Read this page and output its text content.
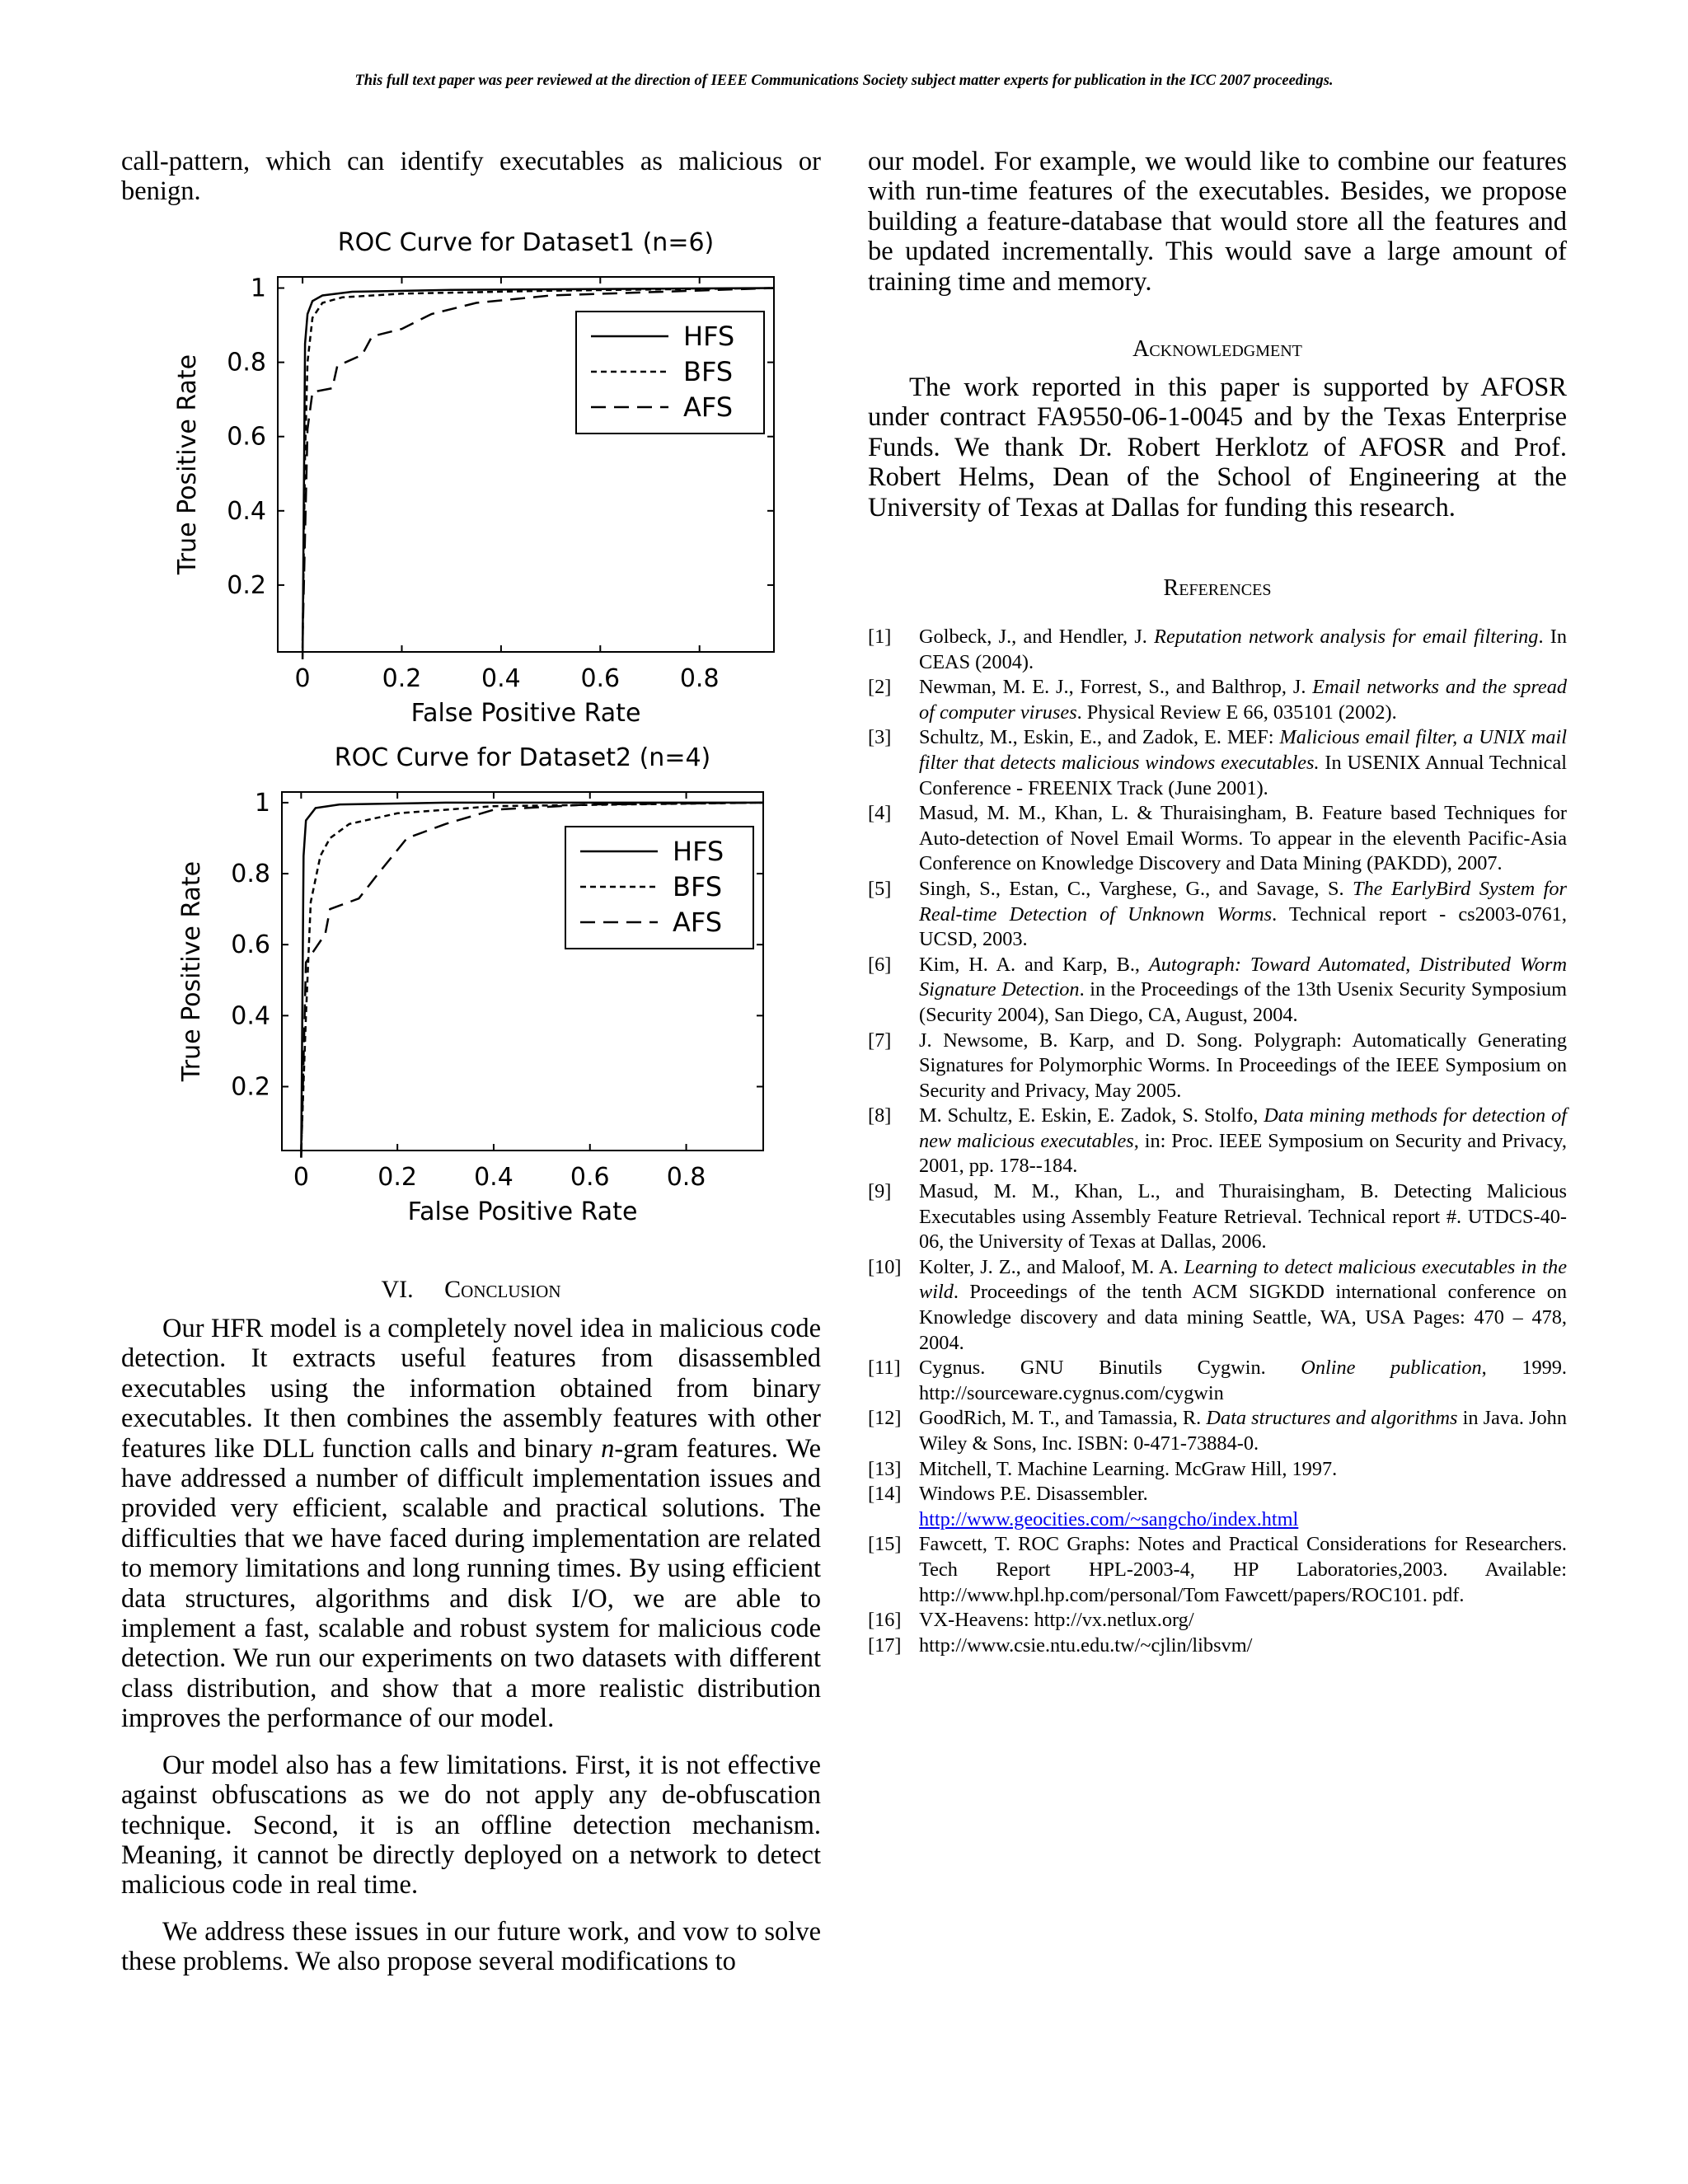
This full text paper was peer reviewed at the direction of IEEE Communications Society subject matter experts for publication in the ICC 2007 proceedings.

call-pattern, which can identify executables as malicious or benign.

ROC Curve for Dataset1 (n=6)
0	0.2 0.4 0.6 0.8
0.2
0.4
0.6
0.8
1
False Positive Rate
True Positive Rate
HFS
BFS
AFS
ROC Curve for Dataset2 (n=4)
0	0.2 0.4 0.6 0.8
0.2
0.4
0.6
0.8
1
False Positive Rate
True Positive Rate
HFS
BFS
AFS

VI. Conclusion

Our HFR model is a completely novel idea in malicious code detection. It extracts useful features from disassembled executables using the information obtained from binary executables. It then combines the assembly features with other features like DLL function calls and binary n-gram features. We have addressed a number of difficult implementation issues and provided very efficient, scalable and practical solutions. The difficulties that we have faced during implementation are related to memory limitations and long running times. By using efficient data structures, algorithms and disk I/O, we are able to implement a fast, scalable and robust system for malicious code detection. We run our experiments on two datasets with different class distribution, and show that a more realistic distribution improves the performance of our model.

Our model also has a few limitations. First, it is not effective against obfuscations as we do not apply any de-obfuscation technique. Second, it is an offline detection mechanism. Meaning, it cannot be directly deployed on a network to detect malicious code in real time.

We address these issues in our future work, and vow to solve these problems. We also propose several modifications to

our model. For example, we would like to combine our features with run-time features of the executables. Besides, we propose building a feature-database that would store all the features and be updated incrementally. This would save a large amount of training time and memory.

Acknowledgment

The work reported in this paper is supported by AFOSR under contract FA9550-06-1-0045 and by the Texas Enterprise Funds. We thank Dr. Robert Herklotz of AFOSR and Prof. Robert Helms, Dean of the School of Engineering at the University of Texas at Dallas for funding this research.

References

[1] Golbeck, J., and Hendler, J. Reputation network analysis for email filtering. In CEAS (2004).

[2] Newman, M. E. J., Forrest, S., and Balthrop, J. Email networks and the spread of computer viruses. Physical Review E 66, 035101 (2002).

[3] Schultz, M., Eskin, E., and Zadok, E. MEF: Malicious email filter, a UNIX mail filter that detects malicious windows executables. In USENIX Annual Technical Conference - FREENIX Track (June 2001).

[4] Masud, M. M., Khan, L. & Thuraisingham, B. Feature based Techniques for Auto-detection of Novel Email Worms. To appear in the eleventh Pacific-Asia Conference on Knowledge Discovery and Data Mining (PAKDD), 2007.

[5] Singh, S., Estan, C., Varghese, G., and Savage, S. The EarlyBird System for Real-time Detection of Unknown Worms. Technical report - cs2003-0761, UCSD, 2003.

[6] Kim, H. A. and Karp, B., Autograph: Toward Automated, Distributed Worm Signature Detection. in the Proceedings of the 13th Usenix Security Symposium (Security 2004), San Diego, CA, August, 2004.

[7] J. Newsome, B. Karp, and D. Song. Polygraph: Automatically Generating Signatures for Polymorphic Worms. In Proceedings of the IEEE Symposium on Security and Privacy, May 2005.

[8] M. Schultz, E. Eskin, E. Zadok, S. Stolfo, Data mining methods for detection of new malicious executables, in: Proc. IEEE Symposium on Security and Privacy, 2001, pp. 178--184.

[9] Masud, M. M., Khan, L., and Thuraisingham, B. Detecting Malicious Executables using Assembly Feature Retrieval. Technical report #. UTDCS-40-06, the University of Texas at Dallas, 2006.

[10] Kolter, J. Z., and Maloof, M. A. Learning to detect malicious executables in the wild. Proceedings of the tenth ACM SIGKDD international conference on Knowledge discovery and data mining Seattle, WA, USA Pages: 470 – 478, 2004.

[11] Cygnus. GNU Binutils Cygwin. Online publication, 1999. http://sourceware.cygnus.com/cygwin

[12] GoodRich, M. T., and Tamassia, R. Data structures and algorithms in Java. John Wiley & Sons, Inc. ISBN: 0-471-73884-0.

[13] Mitchell, T. Machine Learning. McGraw Hill, 1997.

[14] Windows P.E. Disassembler.
http://www.geocities.com/~sangcho/index.html

[15] Fawcett, T. ROC Graphs: Notes and Practical Considerations for Researchers. Tech Report HPL-2003-4, HP Laboratories,2003. Available: http://www.hpl.hp.com/personal/Tom Fawcett/papers/ROC101. pdf.

[16] VX-Heavens: http://vx.netlux.org/

[17] http://www.csie.ntu.edu.tw/~cjlin/libsvm/
